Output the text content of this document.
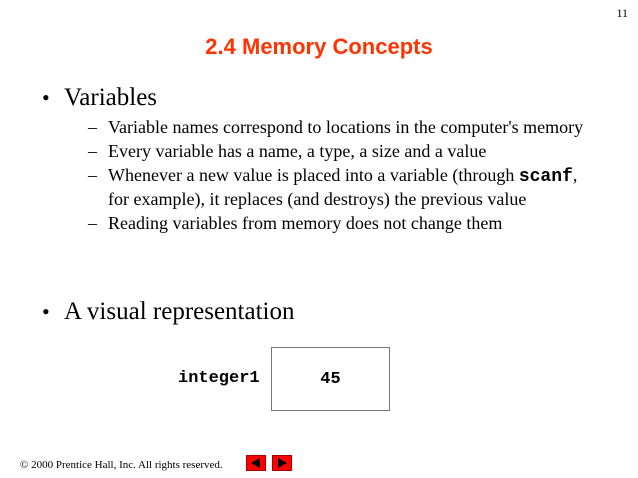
11
2.4 Memory Concepts
• Variables
– Variable names correspond to locations in the computer's memory
– Every variable has a name, a type, a size and a value
– Whenever a new value is placed into a variable (through scanf, for example), it replaces (and destroys) the previous value
– Reading variables from memory does not change them
• A visual representation
integer1	45
© 2000 Prentice Hall, Inc. All rights reserved.
